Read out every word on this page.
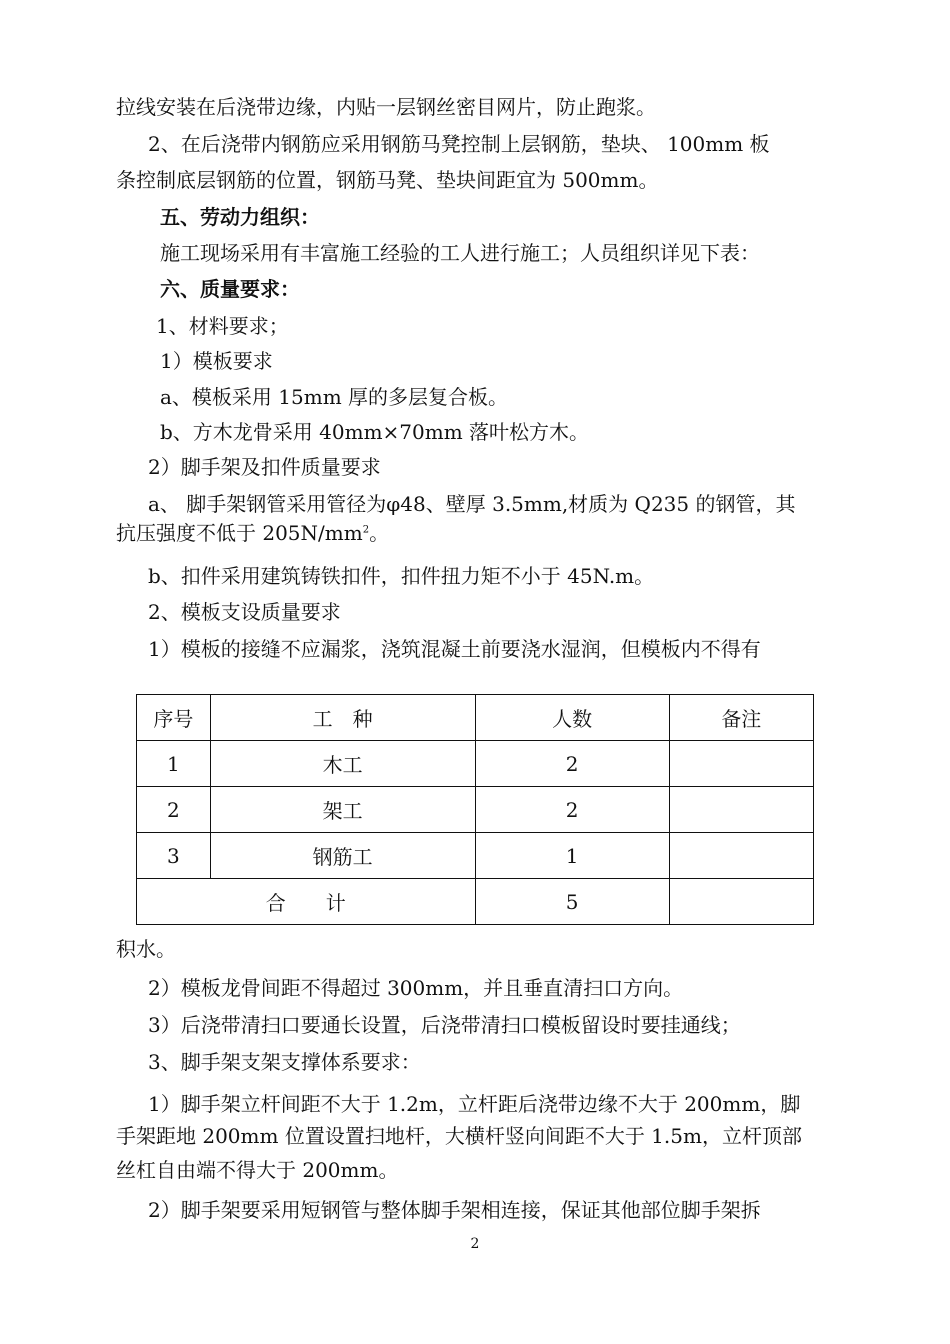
拉线安装在后浇带边缘，内贴一层钢丝密目网片，防止跑浆。
2、在后浇带内钢筋应采用钢筋马凳控制上层钢筋，垫块、 100mm 板
条控制底层钢筋的位置，钢筋马凳、垫块间距宜为 500mm。
五、劳动力组织：
施工现场采用有丰富施工经验的工人进行施工；人员组织详见下表：
六、质量要求：
1、材料要求；
1）模板要求
a、模板采用 15mm 厚的多层复合板。
b、方木龙骨采用 40mm×70mm 落叶松方木。
2）脚手架及扣件质量要求
a、 脚手架钢管采用管径为φ48、壁厚 3.5mm,材质为 Q235 的钢管，其
抗压强度不低于 $205N/mm^2$。
b、扣件采用建筑铸铁扣件，扣件扭力矩不小于 45N.m。
2、模板支设质量要求
1）模板的接缝不应漏浆，浇筑混凝土前要浇水湿润，但模板内不得有
序号	工　种	人数	备注
1	木工	2	
2	架工	2	
3	钢筋工	1	
合　　计		5	
积水。
2）模板龙骨间距不得超过 300mm，并且垂直清扫口方向。
3）后浇带清扫口要通长设置，后浇带清扫口模板留设时要挂通线；
3、脚手架支架支撑体系要求：
1）脚手架立杆间距不大于 1.2m，立杆距后浇带边缘不大于 200mm，脚
手架距地 200mm 位置设置扫地杆，大横杆竖向间距不大于 1.5m，立杆顶部
丝杠自由端不得大于 200mm。
2）脚手架要采用短钢管与整体脚手架相连接，保证其他部位脚手架拆
2
